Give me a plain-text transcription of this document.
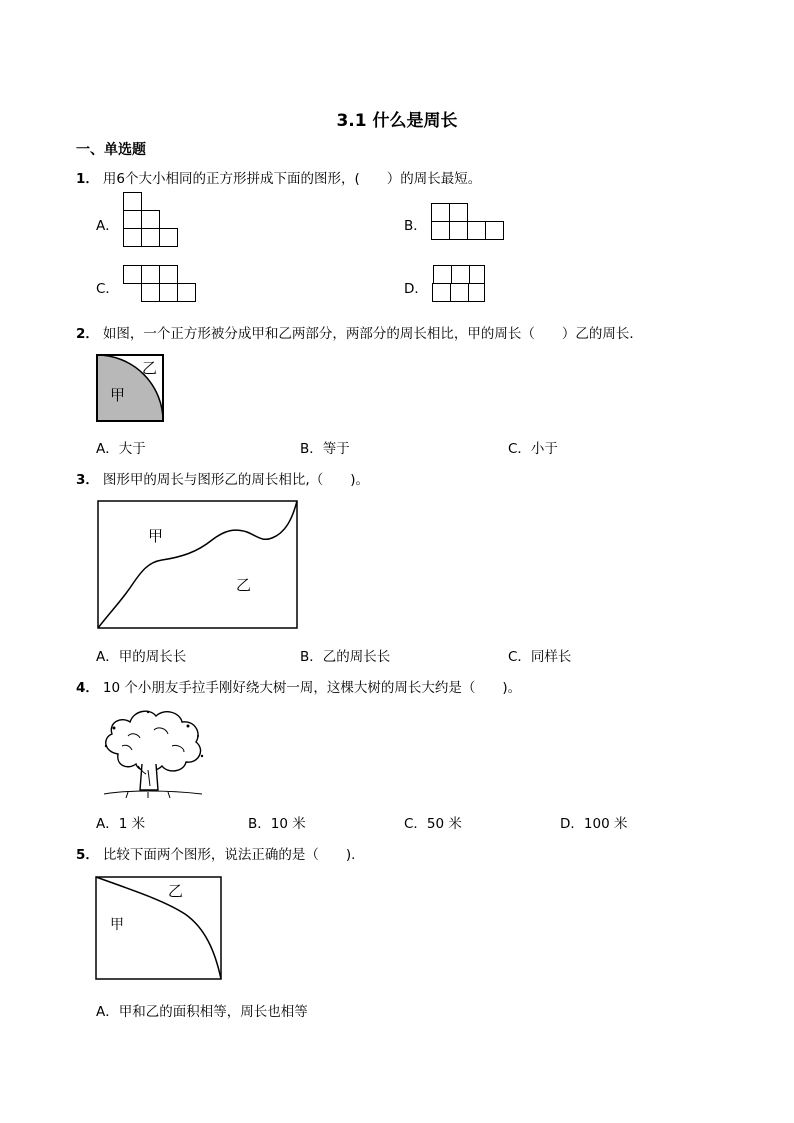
3.1 什么是周长
一、单选题
1． 用6个大小相同的正方形拼成下面的图形，(　　）的周长最短。
A．	B．
C．	D．
2． 如图，一个正方形被分成甲和乙两部分，两部分的周长相比，甲的周长（　　）乙的周长．
甲
乙
A．大于	B．等于	C．小于
3． 图形甲的周长与图形乙的周长相比,（　　)。
甲
乙
A．甲的周长长	B．乙的周长长	C．同样长
4． 10 个小朋友手拉手刚好绕大树一周，这棵大树的周长大约是（　　)。
A．1 米	B．10 米	C．50 米	D．100 米
5． 比较下面两个图形，说法正确的是（　　).
甲
乙
A．甲和乙的面积相等，周长也相等
